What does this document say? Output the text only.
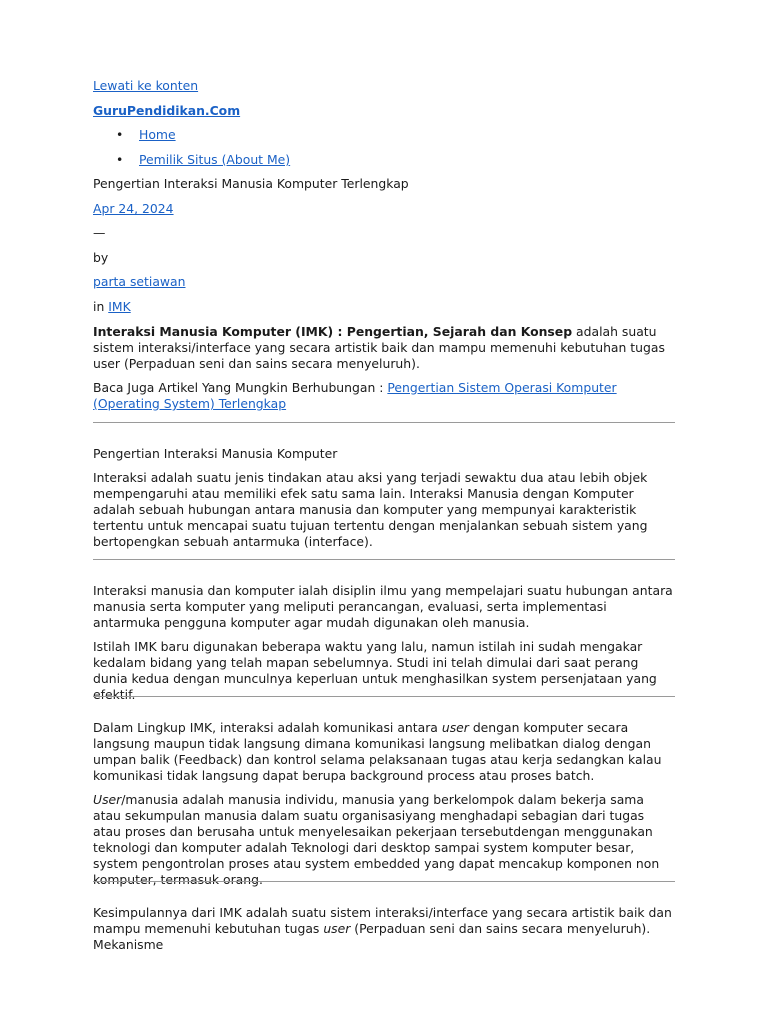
Lewati ke konten
GuruPendidikan.Com
• Home
• Pemilik Situs (About Me)

Pengertian Interaksi Manusia Komputer Terlengkap

Apr 24, 2024

—

by

parta setiawan

in IMK

Interaksi Manusia Komputer (IMK) : Pengertian, Sejarah dan Konsep adalah suatu sistem interaksi/interface yang secara artistik baik dan mampu memenuhi kebutuhan tugas user (Perpaduan seni dan sains secara menyeluruh).

Baca Juga Artikel Yang Mungkin Berhubungan : Pengertian Sistem Operasi Komputer (Operating System) Terlengkap

Pengertian Interaksi Manusia Komputer

Interaksi adalah suatu jenis tindakan atau aksi yang terjadi sewaktu dua atau lebih objek mempengaruhi atau memiliki efek satu sama lain. Interaksi Manusia dengan Komputer adalah sebuah hubungan antara manusia dan komputer yang mempunyai karakteristik tertentu untuk mencapai suatu tujuan tertentu dengan menjalankan sebuah sistem yang bertopengkan sebuah antarmuka (interface).

Interaksi manusia dan komputer ialah disiplin ilmu yang mempelajari suatu hubungan antara manusia serta komputer yang meliputi perancangan, evaluasi, serta implementasi antarmuka pengguna komputer agar mudah digunakan oleh manusia.

Istilah IMK baru digunakan beberapa waktu yang lalu, namun istilah ini sudah mengakar kedalam bidang yang telah mapan sebelumnya. Studi ini telah dimulai dari saat perang dunia kedua dengan munculnya keperluan untuk menghasilkan system persenjataan yang efektif.

Dalam Lingkup IMK, interaksi adalah komunikasi antara user dengan komputer secara langsung maupun tidak langsung dimana komunikasi langsung melibatkan dialog dengan umpan balik (Feedback) dan kontrol selama pelaksanaan tugas atau kerja sedangkan kalau komunikasi tidak langsung dapat berupa background process atau proses batch.

User/manusia adalah manusia individu, manusia yang berkelompok dalam bekerja sama atau sekumpulan manusia dalam suatu organisasiyang menghadapi sebagian dari tugas atau proses dan berusaha untuk menyelesaikan pekerjaan tersebutdengan menggunakan teknologi dan komputer adalah Teknologi dari desktop sampai system komputer besar, system pengontrolan proses atau system embedded yang dapat mencakup komponen non komputer, termasuk orang.

Kesimpulannya dari IMK adalah suatu sistem interaksi/interface yang secara artistik baik dan mampu memenuhi kebutuhan tugas user (Perpaduan seni dan sains secara menyeluruh). Mekanisme
